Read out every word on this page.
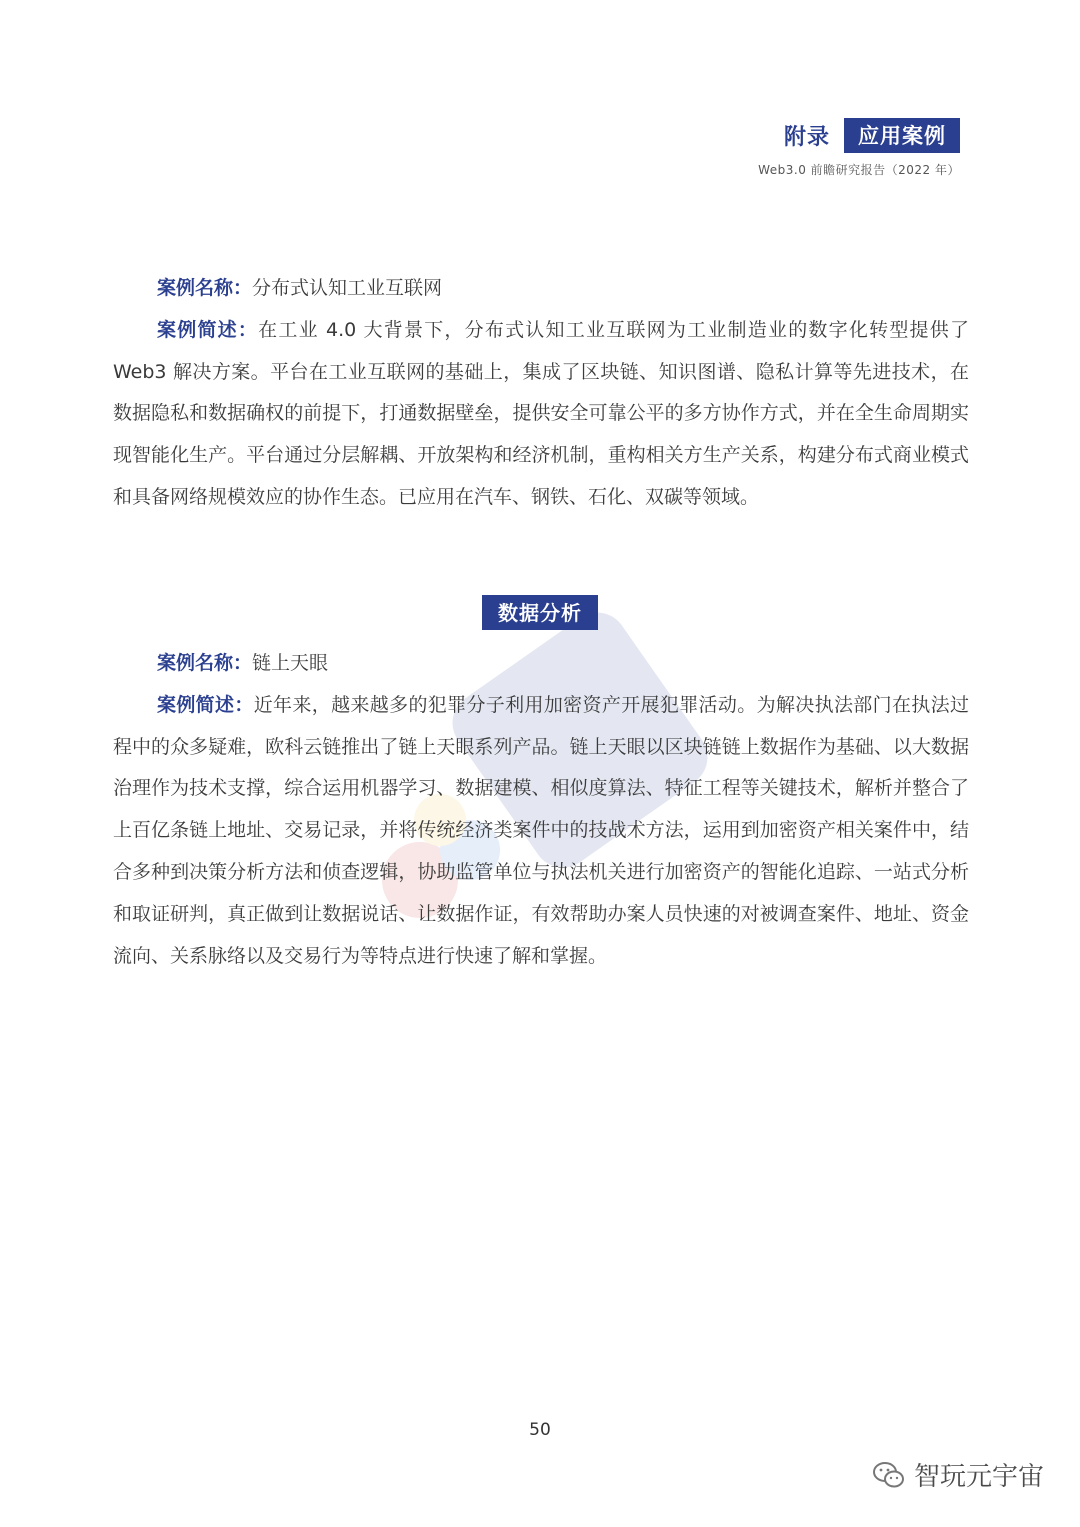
附录	应用案例
Web3.0 前瞻研究报告（2022 年）

案例名称：分布式认知工业互联网

案例简述：在工业 4.0 大背景下，分布式认知工业互联网为工业制造业的数字化转型提供了 Web3 解决方案。平台在工业互联网的基础上，集成了区块链、知识图谱、隐私计算等先进技术，在数据隐私和数据确权的前提下，打通数据壁垒，提供安全可靠公平的多方协作方式，并在全生命周期实现智能化生产。平台通过分层解耦、开放架构和经济机制，重构相关方生产关系，构建分布式商业模式和具备网络规模效应的协作生态。已应用在汽车、钢铁、石化、双碳等领域。

数据分析

案例名称：链上天眼

案例简述：近年来，越来越多的犯罪分子利用加密资产开展犯罪活动。为解决执法部门在执法过程中的众多疑难，欧科云链推出了链上天眼系列产品。链上天眼以区块链链上数据作为基础、以大数据治理作为技术支撑，综合运用机器学习、数据建模、相似度算法、特征工程等关键技术，解析并整合了上百亿条链上地址、交易记录，并将传统经济类案件中的技战术方法，运用到加密资产相关案件中，结合多种到决策分析方法和侦查逻辑，协助监管单位与执法机关进行加密资产的智能化追踪、一站式分析和取证研判，真正做到让数据说话、让数据作证，有效帮助办案人员快速的对被调查案件、地址、资金流向、关系脉络以及交易行为等特点进行快速了解和掌握。

50
智玩元宇宙
